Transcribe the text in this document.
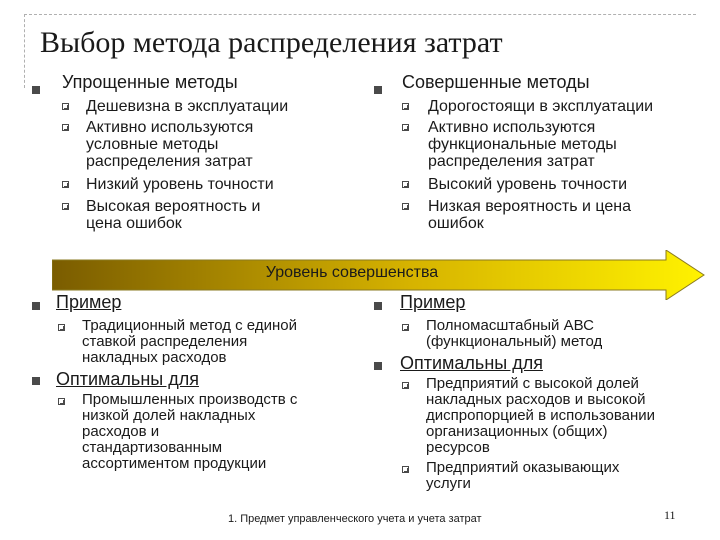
Выбор метода распределения затрат
Упрощенные методы
Дешевизна в эксплуатации
Активно используются
условные методы
распределения затрат
Низкий уровень точности
Высокая вероятность и
цена ошибок
Совершенные методы
Дорогостоящи в эксплуатации
Активно используются
функциональные методы
распределения затрат
Высокий уровень точности
Низкая вероятность и цена
ошибок
Уровень совершенства
Пример
Традиционный метод с единой
ставкой распределения
накладных расходов
Оптимальны для
Промышленных производств с
низкой долей накладных
расходов и
стандартизованным
ассортиментом продукции
Пример
Полномасштабный АВС
(функциональный) метод
Оптимальны для
Предприятий с высокой долей
накладных расходов и высокой
диспропорцией в использовании
организационных (общих)
ресурсов
Предприятий оказывающих
услуги
1. Предмет управленческого учета и учета затрат	11
